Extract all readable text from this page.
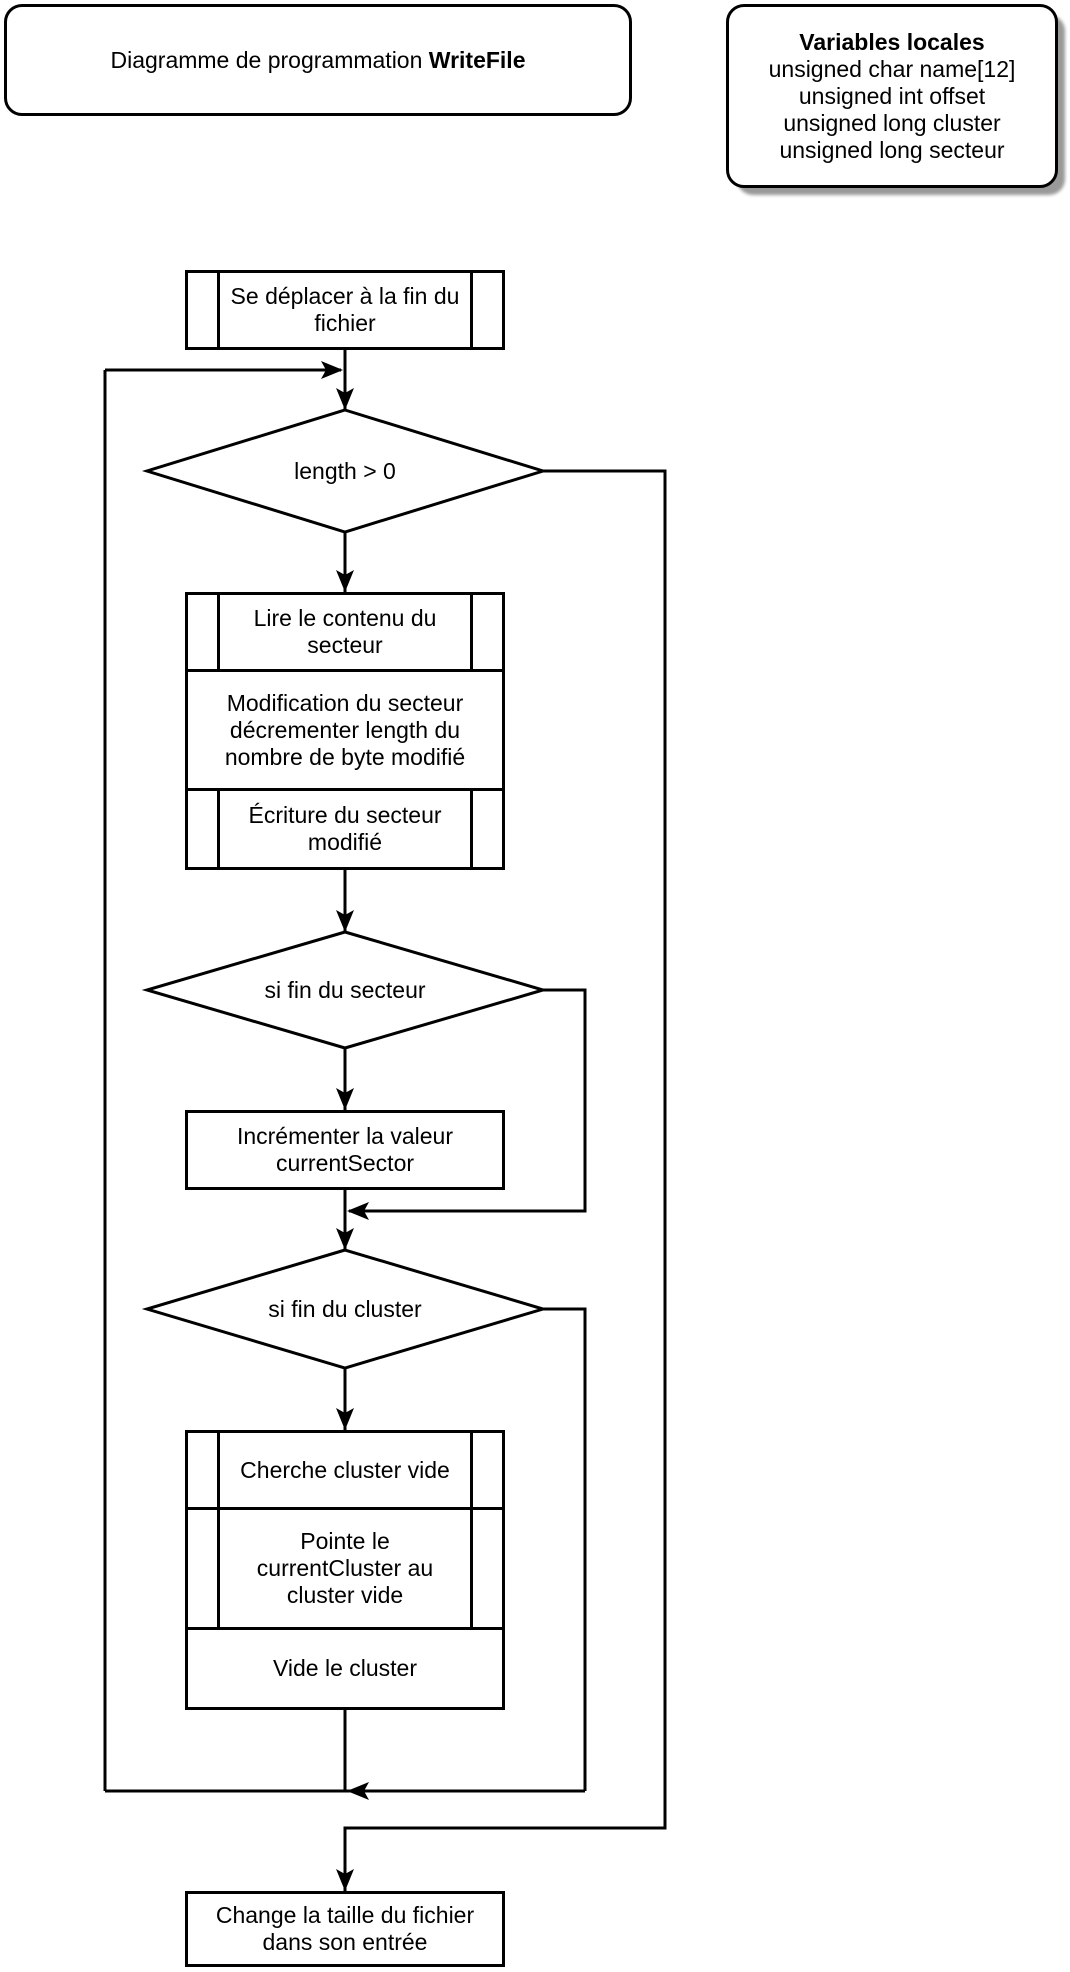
Diagramme de programmation WriteFile
Variables locales
unsigned char name[12]
unsigned int offset
unsigned long cluster
unsigned long secteur
Se déplacer à la fin du
fichier
length > 0
Lire le contenu du
secteur
Modification du secteur
décrementer length du
nombre de byte modifié
Écriture du secteur
modifié
si fin du secteur
Incrémenter la valeur
currentSector
si fin du cluster
Cherche cluster vide
Pointe le
currentCluster au
cluster vide
Vide le cluster
Change la taille du fichier
dans son entrée
